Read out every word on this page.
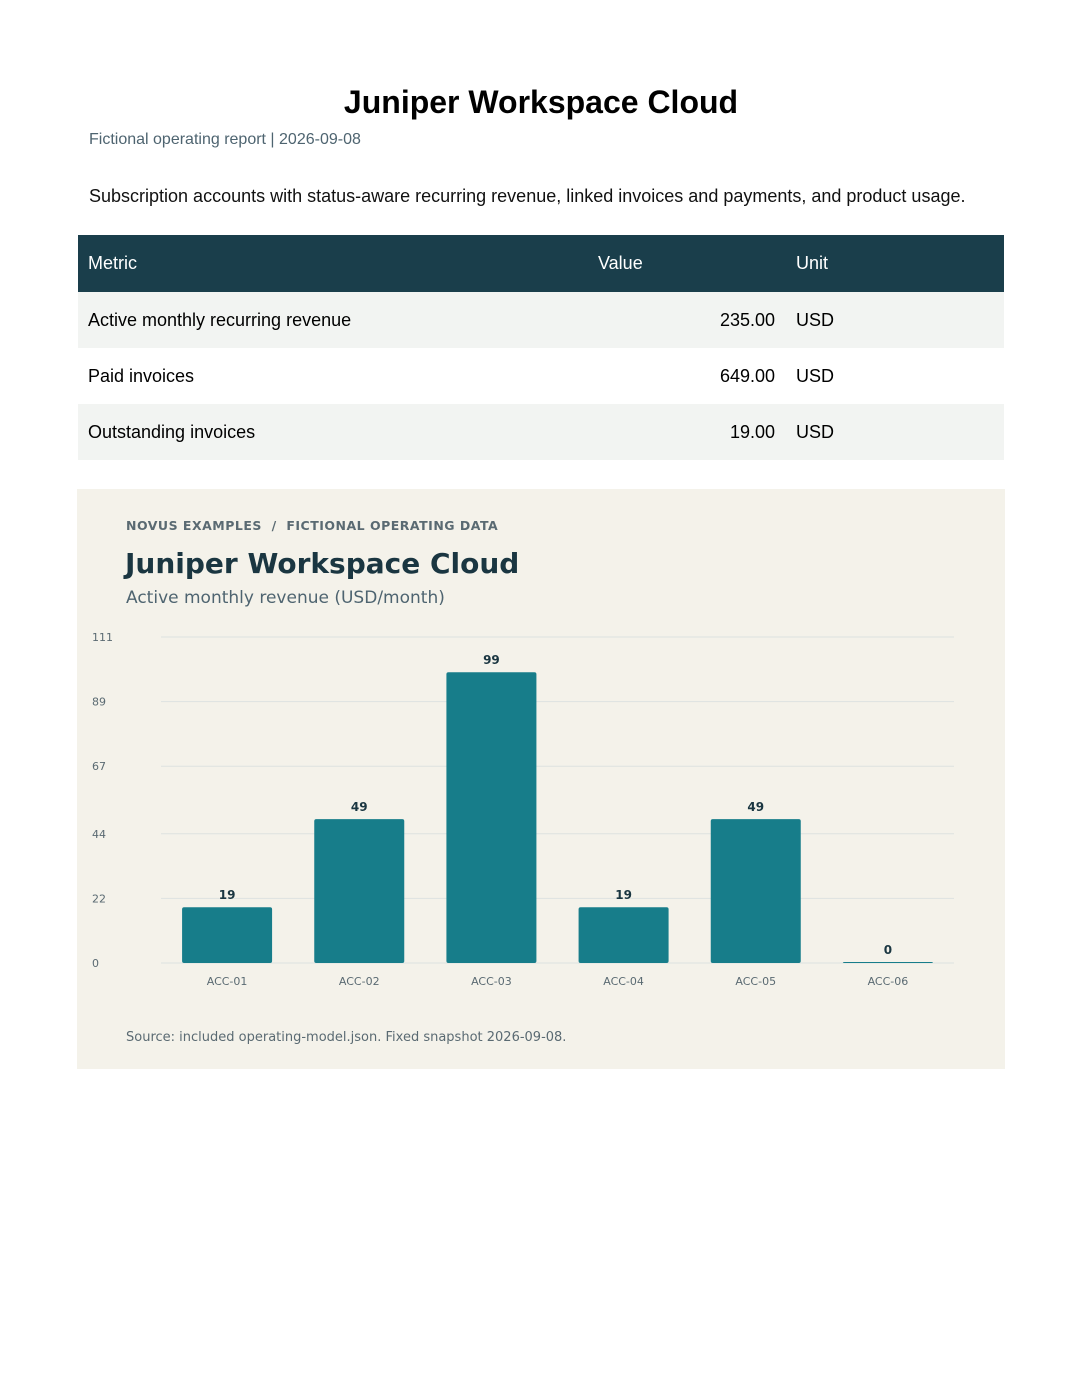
Juniper Workspace Cloud
Fictional operating report | 2026-09-08
Subscription accounts with status-aware recurring revenue, linked invoices and payments, and product usage.
Metric	Value	Unit
Active monthly recurring revenue	235.00	USD
Paid invoices	649.00	USD
Outstanding invoices	19.00	USD
NOVUS EXAMPLES  /  FICTIONAL OPERATING DATA
Juniper Workspace Cloud
Active monthly revenue (USD/month)
0
22
44
67
89
111
19
ACC-01
49
ACC-02
99
ACC-03
19
ACC-04
49
ACC-05
0
ACC-06
Source: included operating-model.json. Fixed snapshot 2026-09-08.
